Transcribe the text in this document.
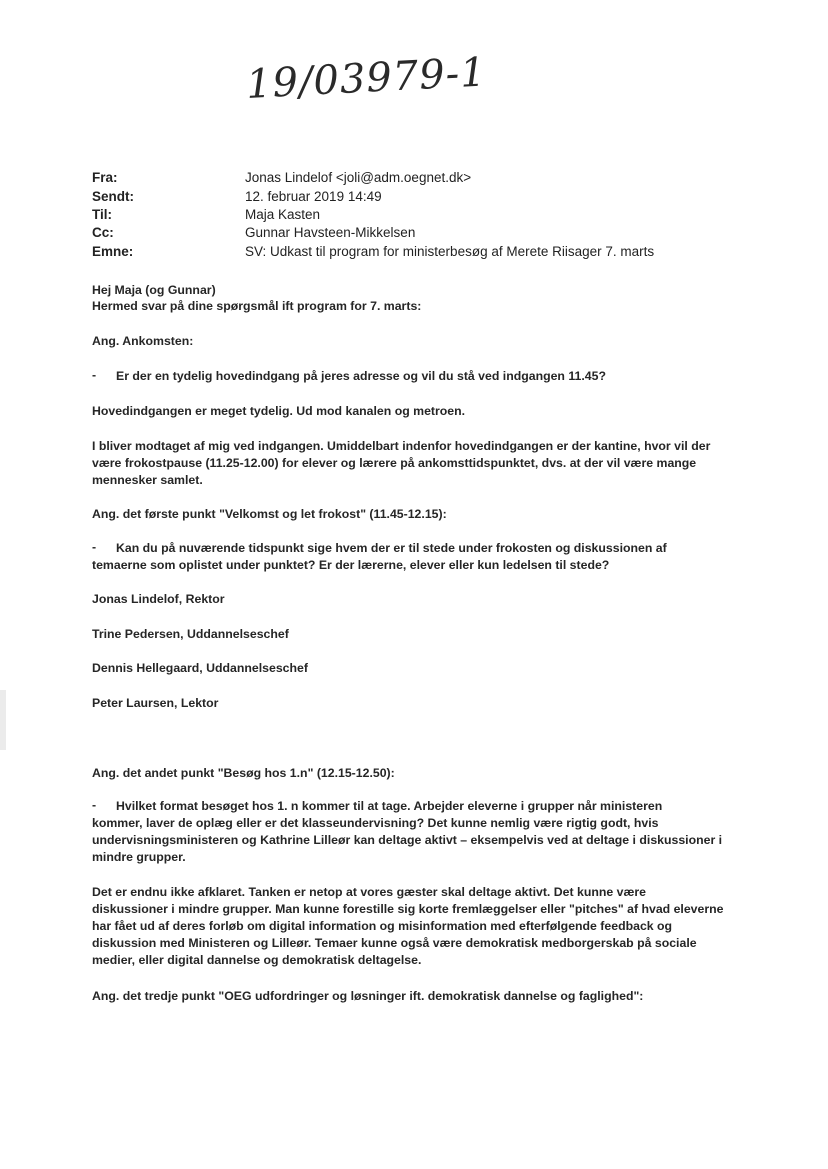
19/03979-1
Fra:	Jonas Lindelof <joli@adm.oegnet.dk>
Sendt:	12. februar 2019 14:49
Til:	Maja Kasten
Cc:	Gunnar Havsteen-Mikkelsen
Emne:	SV: Udkast til program for ministerbesøg af Merete Riisager 7. marts
Hej Maja (og Gunnar)
Hermed svar på dine spørgsmål ift program for 7. marts:
Ang. Ankomsten:
- Er der en tydelig hovedindgang på jeres adresse og vil du stå ved indgangen 11.45?
Hovedindgangen er meget tydelig. Ud mod kanalen og metroen.
I bliver modtaget af mig ved indgangen. Umiddelbart indenfor hovedindgangen er der kantine, hvor vil der
være frokostpause (11.25-12.00) for elever og lærere på ankomsttidspunktet, dvs. at der vil være mange
mennesker samlet.
Ang. det første punkt "Velkomst og let frokost" (11.45-12.15):
- Kan du på nuværende tidspunkt sige hvem der er til stede under frokosten og diskussionen af
temaerne som oplistet under punktet? Er der lærerne, elever eller kun ledelsen til stede?
Jonas Lindelof, Rektor
Trine Pedersen, Uddannelseschef
Dennis Hellegaard, Uddannelseschef
Peter Laursen, Lektor
Ang. det andet punkt "Besøg hos 1.n" (12.15-12.50):
- Hvilket format besøget hos 1. n kommer til at tage. Arbejder eleverne i grupper når ministeren
kommer, laver de oplæg eller er det klasseundervisning? Det kunne nemlig være rigtig godt, hvis
undervisningsministeren og Kathrine Lilleør kan deltage aktivt – eksempelvis ved at deltage i diskussioner i
mindre grupper.
Det er endnu ikke afklaret. Tanken er netop at vores gæster skal deltage aktivt. Det kunne være
diskussioner i mindre grupper. Man kunne forestille sig korte fremlæggelser eller "pitches" af hvad eleverne
har fået ud af deres forløb om digital information og misinformation med efterfølgende feedback og
diskussion med Ministeren og Lilleør. Temaer kunne også være demokratisk medborgerskab på sociale
medier, eller digital dannelse og demokratisk deltagelse.
Ang. det tredje punkt "OEG udfordringer og løsninger ift. demokratisk dannelse og faglighed":
